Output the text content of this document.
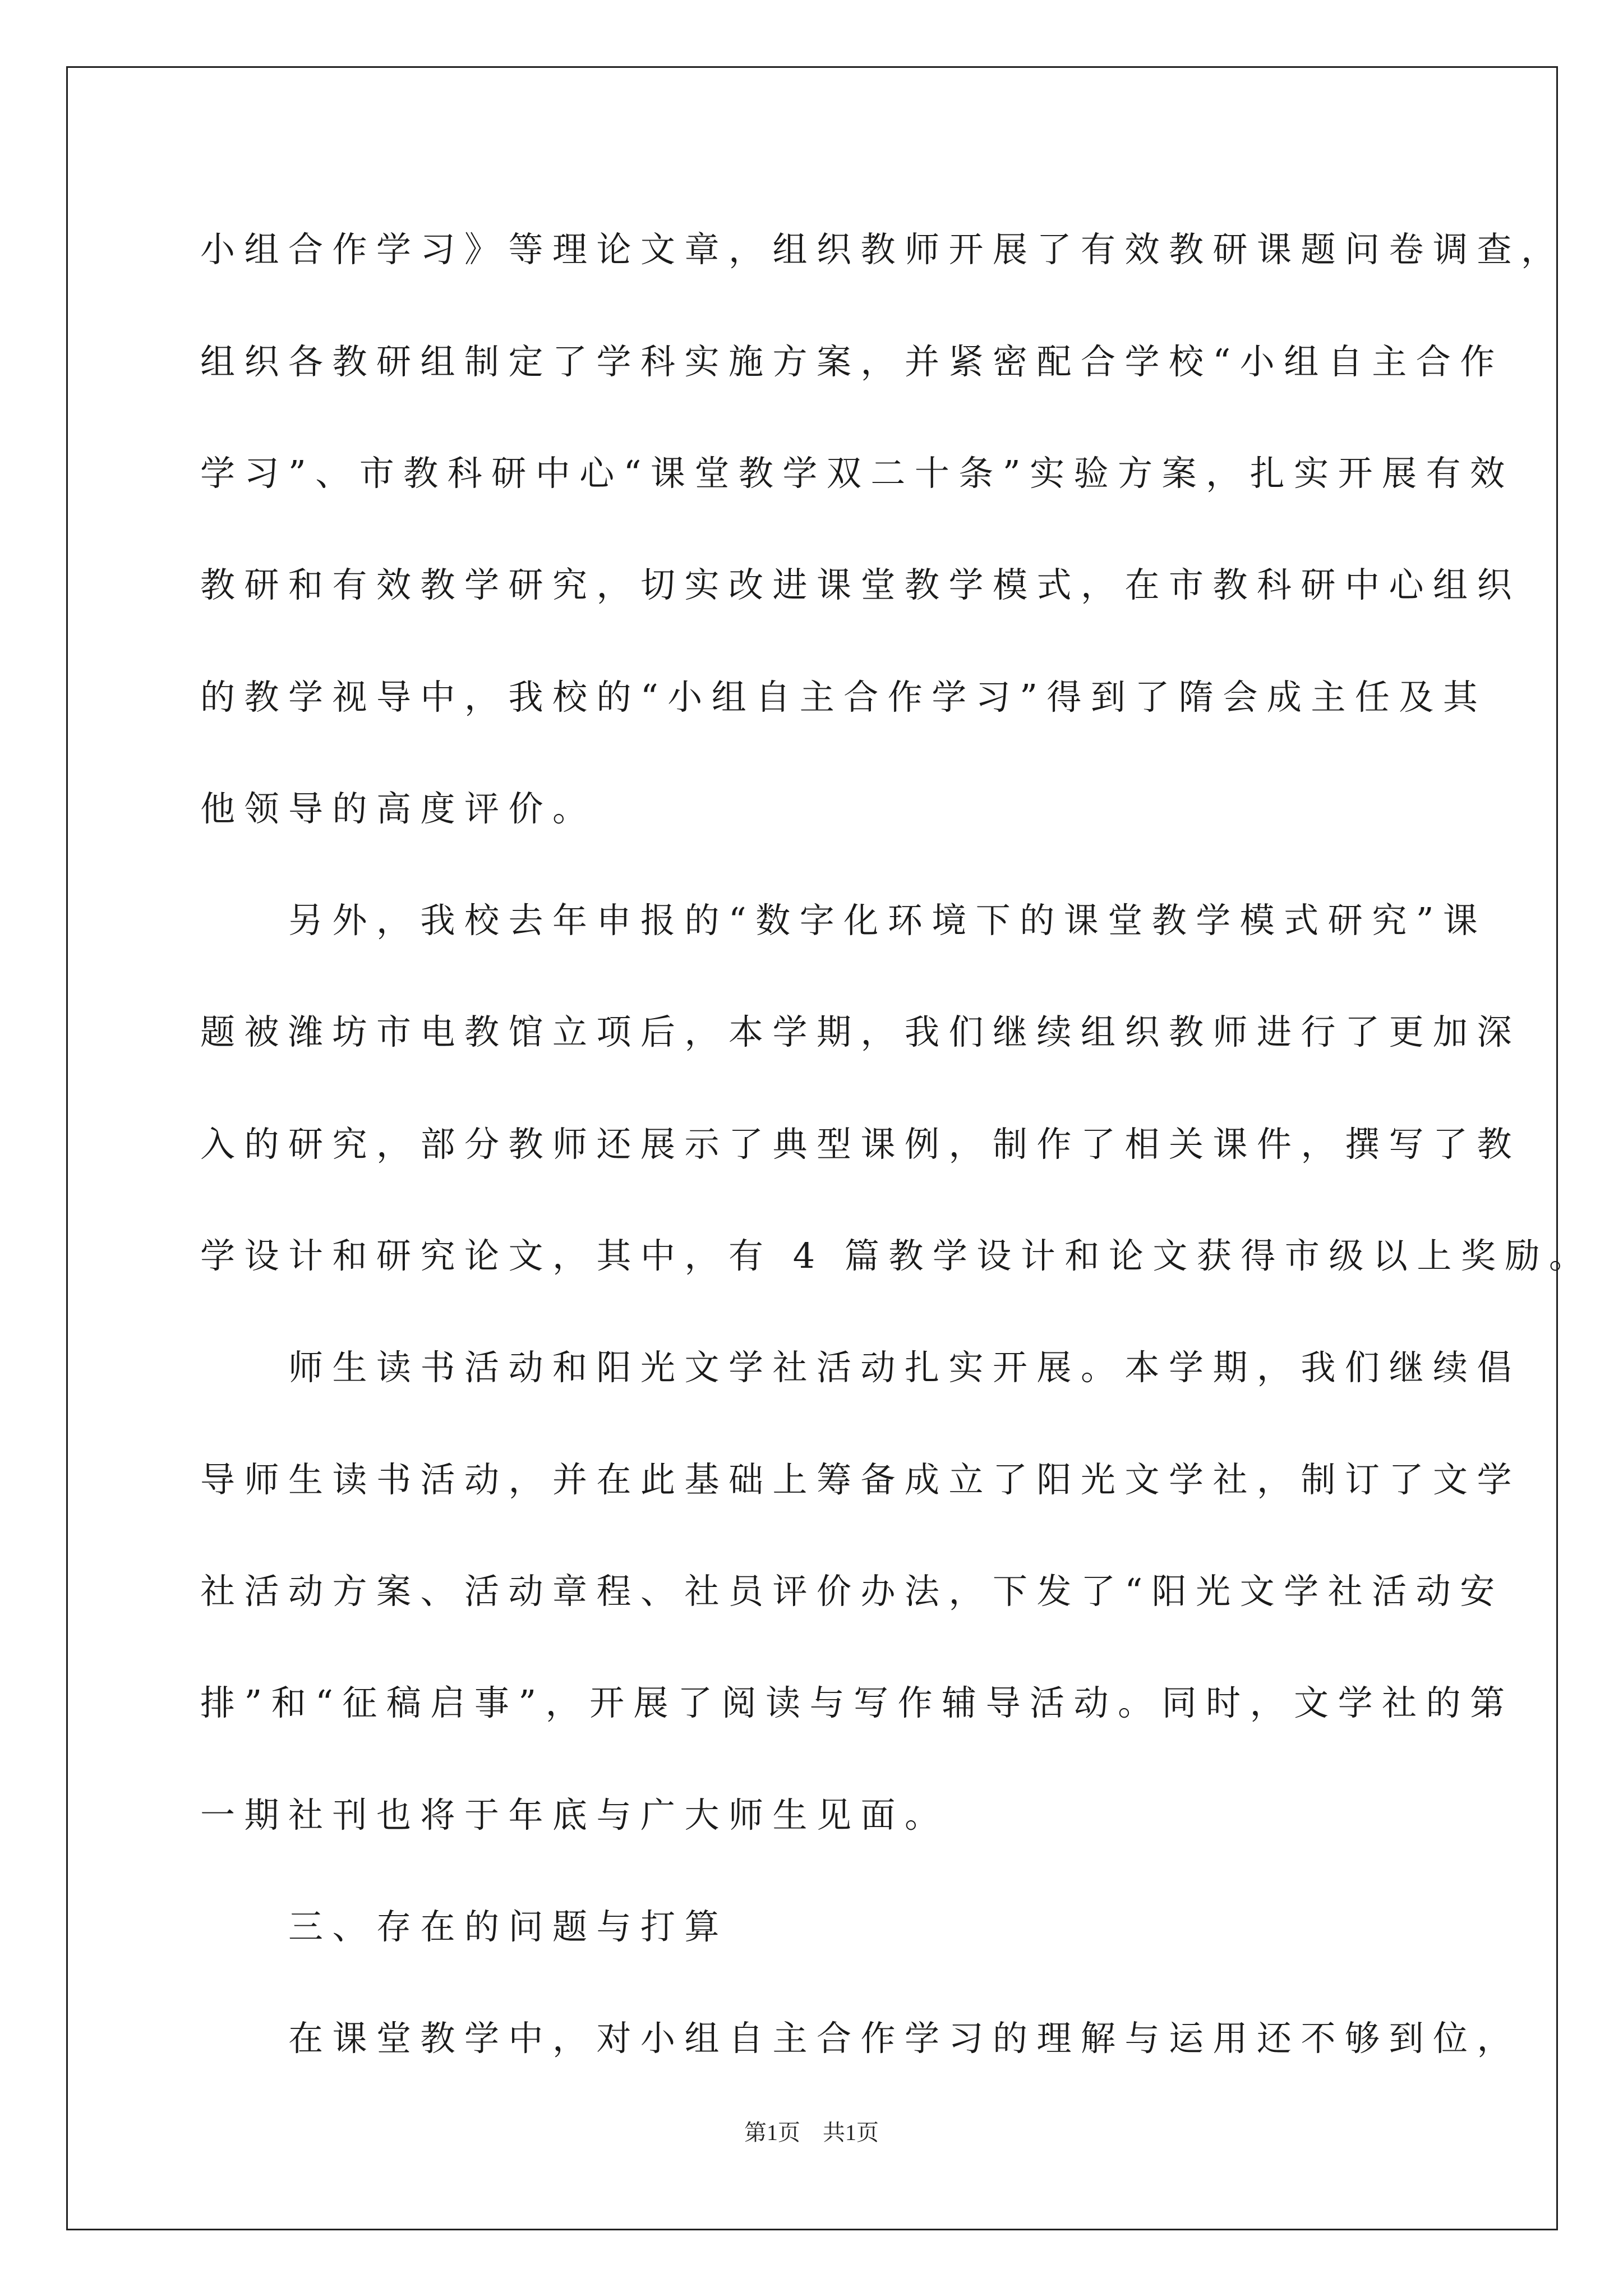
小组合作学习》等理论文章，组织教师开展了有效教研课题问卷调查，
组织各教研组制定了学科实施方案，并紧密配合学校“小组自主合作
学习”、市教科研中心“课堂教学双二十条”实验方案，扎实开展有效
教研和有效教学研究，切实改进课堂教学模式，在市教科研中心组织
的教学视导中，我校的“小组自主合作学习”得到了隋会成主任及其
他领导的高度评价。
　　另外，我校去年申报的“数字化环境下的课堂教学模式研究”课
题被潍坊市电教馆立项后，本学期，我们继续组织教师进行了更加深
入的研究，部分教师还展示了典型课例，制作了相关课件，撰写了教
学设计和研究论文，其中，有 4 篇教学设计和论文获得市级以上奖励。
　　师生读书活动和阳光文学社活动扎实开展。本学期，我们继续倡
导师生读书活动，并在此基础上筹备成立了阳光文学社，制订了文学
社活动方案、活动章程、社员评价办法，下发了“阳光文学社活动安
排”和“征稿启事”，开展了阅读与写作辅导活动。同时，文学社的第
一期社刊也将于年底与广大师生见面。
　　三、存在的问题与打算
　　在课堂教学中，对小组自主合作学习的理解与运用还不够到位，
第1页　共1页
